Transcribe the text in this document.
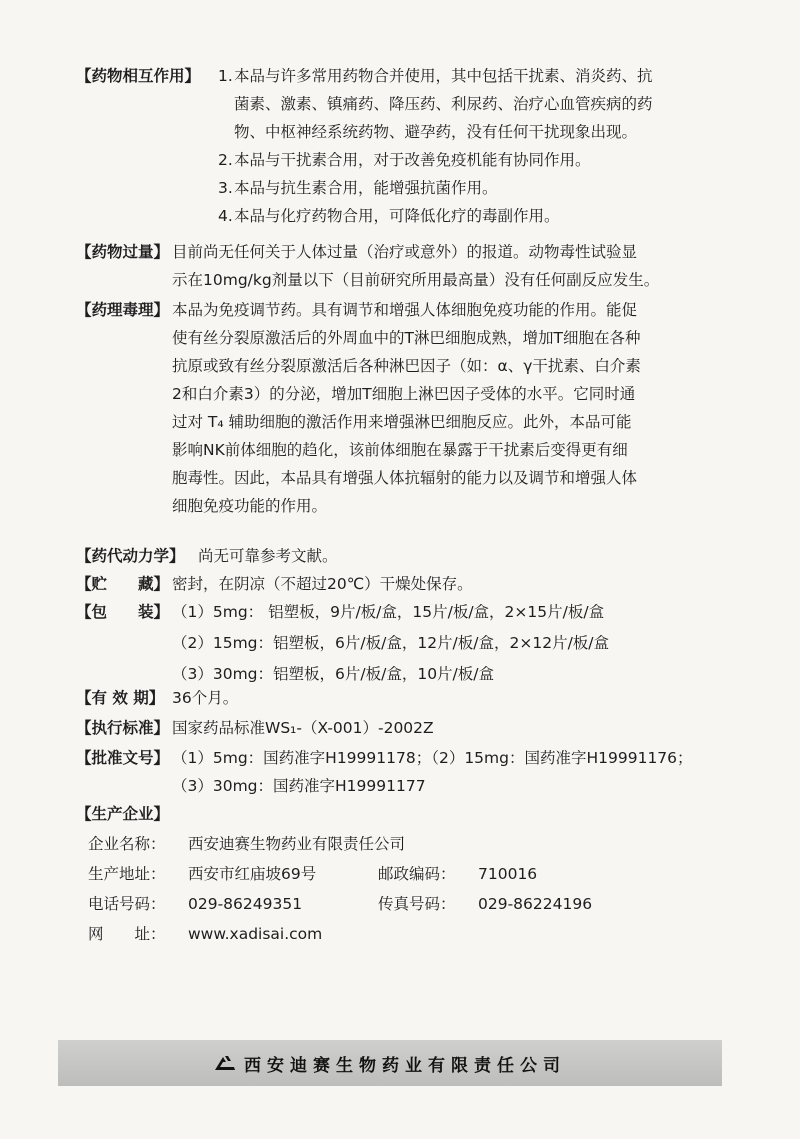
【药物相互作用】	1. 本品与许多常用药物合并使用，其中包括干扰素、消炎药、抗
菌素、激素、镇痛药、降压药、利尿药、治疗心血管疾病的药
物、中枢神经系统药物、避孕药，没有任何干扰现象出现。
2. 本品与干扰素合用，对于改善免疫机能有协同作用。
3. 本品与抗生素合用，能增强抗菌作用。
4. 本品与化疗药物合用，可降低化疗的毒副作用。
【药物过量】 目前尚无任何关于人体过量（治疗或意外）的报道。动物毒性试验显
示在10mg/kg剂量以下（目前研究所用最高量）没有任何副反应发生。
【药理毒理】 本品为免疫调节药。具有调节和增强人体细胞免疫功能的作用。能促
使有丝分裂原激活后的外周血中的T淋巴细胞成熟，增加T细胞在各种
抗原或致有丝分裂原激活后各种淋巴因子（如：α、γ干扰素、白介素
2和白介素3）的分泌，增加T细胞上淋巴因子受体的水平。它同时通
过对 T₄ 辅助细胞的激活作用来增强淋巴细胞反应。此外，本品可能
影响NK前体细胞的趋化，该前体细胞在暴露于干扰素后变得更有细
胞毒性。因此，本品具有增强人体抗辐射的能力以及调节和增强人体
细胞免疫功能的作用。
【药代动力学】 尚无可靠参考文献。
【贮　　藏】 密封，在阴凉（不超过20℃）干燥处保存。
【包　　装】 （1）5mg： 铝塑板，9片/板/盒，15片/板/盒，2×15片/板/盒
（2）15mg：铝塑板，6片/板/盒，12片/板/盒，2×12片/板/盒
（3）30mg：铝塑板，6片/板/盒，10片/板/盒
【有 效 期】 36个月。
【执行标准】 国家药品标准WS₁-（X-001）-2002Z
【批准文号】 （1）5mg：国药准字H19991178；（2）15mg：国药准字H19991176；
（3）30mg：国药准字H19991177
【生产企业】
企业名称：	西安迪赛生物药业有限责任公司
生产地址：	西安市红庙坡69号	邮政编码：	710016
电话号码：	029-86249351	传真号码：	029-86224196
网　　址：	www.xadisai.com
西安迪赛生物药业有限责任公司
